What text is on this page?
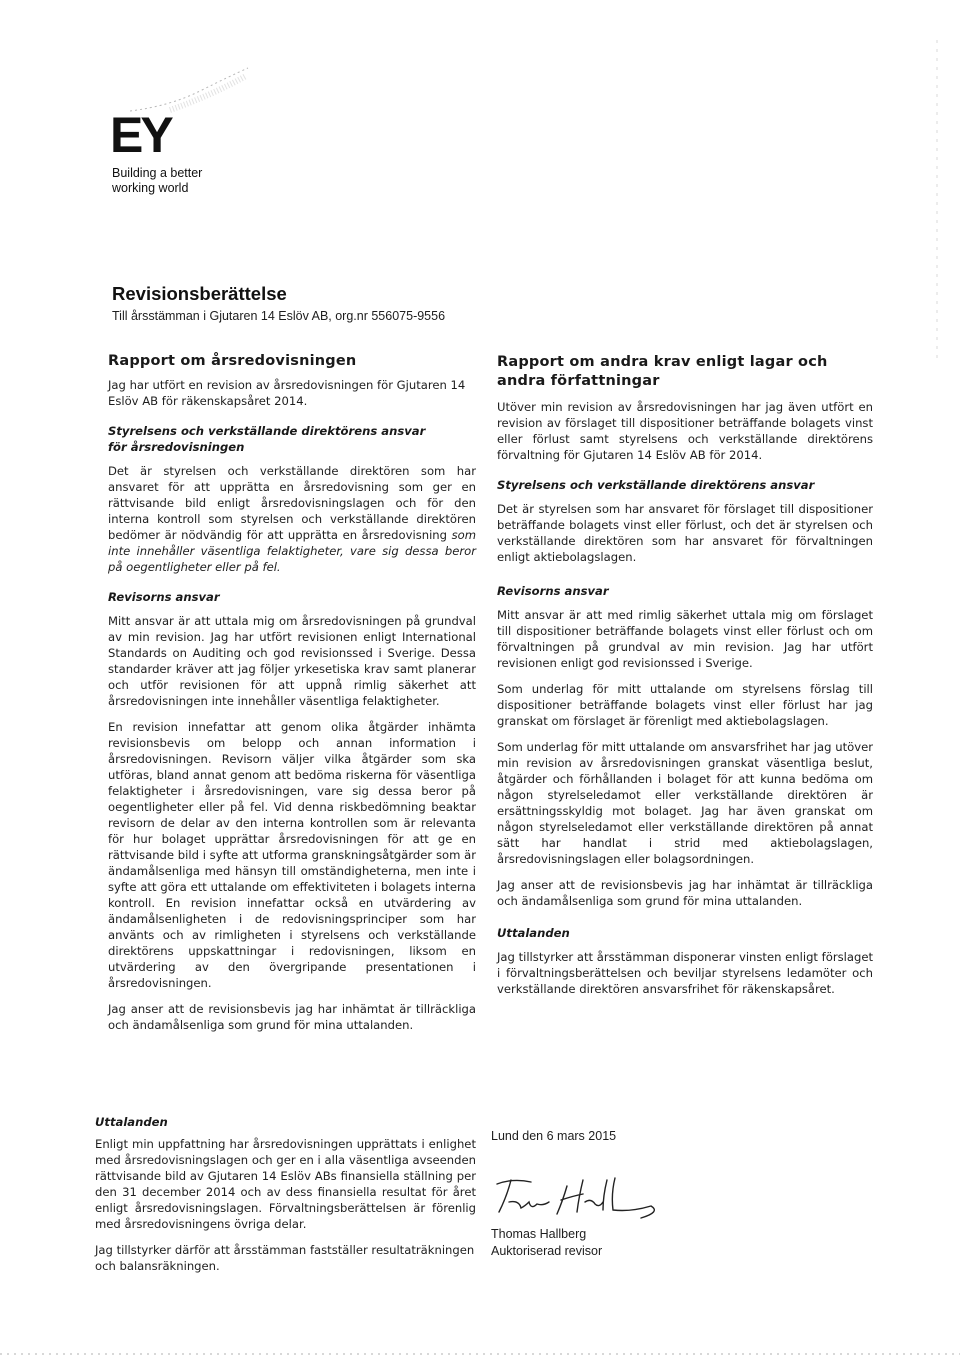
EY
Building a better
working world
Revisionsberättelse
Till årsstämman i Gjutaren 14 Eslöv AB, org.nr 556075-9556
Rapport om årsredovisningen

Jag har utfört en revision av årsredovisningen för Gjutaren 14 Eslöv AB för räkenskapsåret 2014.

Styrelsens och verkställande direktörens ansvar för årsredovisningen

Det är styrelsen och verkställande direktören som har ansvaret för att upprätta en årsredovisning som ger en rättvisande bild enligt årsredovisningslagen och för den interna kontroll som styrelsen och verkställande direktören bedömer är nödvändig för att upprätta en årsredovisning som inte innehåller väsentliga felaktigheter, vare sig dessa beror på oegentligheter eller på fel.

Revisorns ansvar

Mitt ansvar är att uttala mig om årsredovisningen på grundval av min revision. Jag har utfört revisionen enligt International Standards on Auditing och god revisionssed i Sverige. Dessa standarder kräver att jag följer yrkesetiska krav samt planerar och utför revisionen för att uppnå rimlig säkerhet att årsredovisningen inte innehåller väsentliga felaktigheter.

En revision innefattar att genom olika åtgärder inhämta revisionsbevis om belopp och annan information i årsredovisningen. Revisorn väljer vilka åtgärder som ska utföras, bland annat genom att bedöma riskerna för väsentliga felaktigheter i årsredovisningen, vare sig dessa beror på oegentligheter eller på fel. Vid denna riskbedömning beaktar revisorn de delar av den interna kontrollen som är relevanta för hur bolaget upprättar årsredovisningen för att ge en rättvisande bild i syfte att utforma granskningsåtgärder som är ändamålsenliga med hänsyn till omständigheterna, men inte i syfte att göra ett uttalande om effektiviteten i bolagets interna kontroll. En revision innefattar också en utvärdering av ändamålsenligheten i de redovisningsprinciper som har använts och av rimligheten i styrelsens och verkställande direktörens uppskattningar i redovisningen, liksom en utvärdering av den övergripande presentationen i årsredovisningen.

Jag anser att de revisionsbevis jag har inhämtat är tillräckliga och ändamålsenliga som grund för mina uttalanden.

Uttalanden

Enligt min uppfattning har årsredovisningen upprättats i enlighet med årsredovisningslagen och ger en i alla väsentliga avseenden rättvisande bild av Gjutaren 14 Eslöv ABs finansiella ställning per den 31 december 2014 och av dess finansiella resultat för året enligt årsredovisningslagen. Förvaltningsberättelsen är förenlig med årsredovisningens övriga delar.

Jag tillstyrker därför att årsstämman fastställer resultaträkningen och balansräkningen.

Rapport om andra krav enligt lagar och andra författningar

Utöver min revision av årsredovisningen har jag även utfört en revision av förslaget till dispositioner beträffande bolagets vinst eller förlust samt styrelsens och verkställande direktörens förvaltning för Gjutaren 14 Eslöv AB för 2014.

Styrelsens och verkställande direktörens ansvar

Det är styrelsen som har ansvaret för förslaget till dispositioner beträffande bolagets vinst eller förlust, och det är styrelsen och verkställande direktören som har ansvaret för förvaltningen enligt aktiebolagslagen.

Revisorns ansvar

Mitt ansvar är att med rimlig säkerhet uttala mig om förslaget till dispositioner beträffande bolagets vinst eller förlust och om förvaltningen på grundval av min revision. Jag har utfört revisionen enligt god revisionssed i Sverige.

Som underlag för mitt uttalande om styrelsens förslag till dispositioner beträffande bolagets vinst eller förlust har jag granskat om förslaget är förenligt med aktiebolagslagen.

Som underlag för mitt uttalande om ansvarsfrihet har jag utöver min revision av årsredovisningen granskat väsentliga beslut, åtgärder och förhållanden i bolaget för att kunna bedöma om någon styrelseledamot eller verkställande direktören är ersättningsskyldig mot bolaget. Jag har även granskat om någon styrelseledamot eller verkställande direktören på annat sätt har handlat i strid med aktiebolagslagen, årsredovisningslagen eller bolagsordningen.

Jag anser att de revisionsbevis jag har inhämtat är tillräckliga och ändamålsenliga som grund för mina uttalanden.

Uttalanden

Jag tillstyrker att årsstämman disponerar vinsten enligt förslaget i förvaltningsberättelsen och beviljar styrelsens ledamöter och verkställande direktören ansvarsfrihet för räkenskapsåret.

Lund den 6 mars 2015
Thomas Hallberg
Auktoriserad revisor
